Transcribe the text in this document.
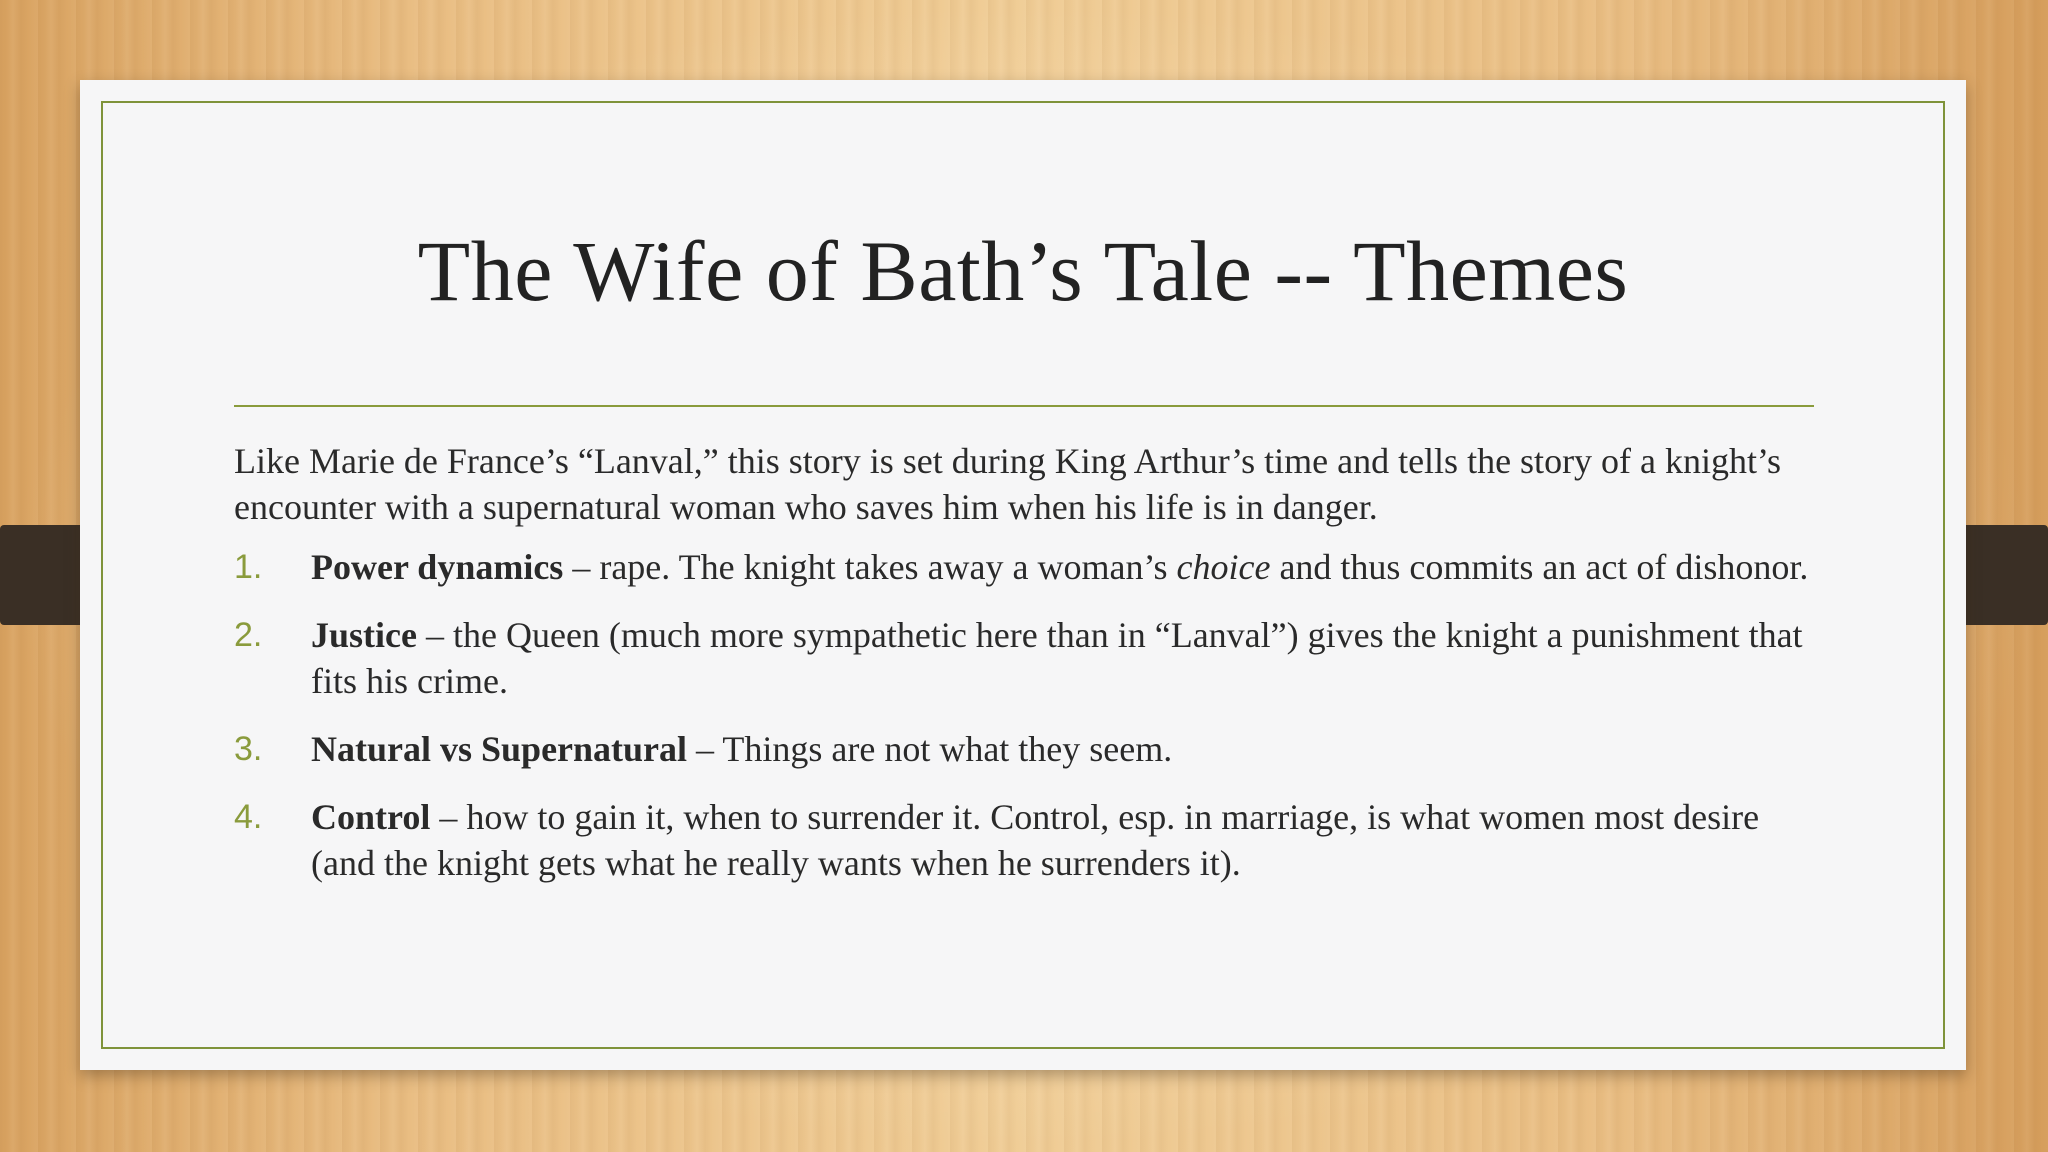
The Wife of Bath’s Tale -- Themes

Like Marie de France’s “Lanval,” this story is set during King Arthur’s time and tells the story of a knight’s encounter with a supernatural woman who saves him when his life is in danger.

1. Power dynamics – rape. The knight takes away a woman’s choice and thus commits an act of dishonor.
2. Justice – the Queen (much more sympathetic here than in “Lanval”) gives the knight a punishment that fits his crime.
3. Natural vs Supernatural – Things are not what they seem.
4. Control – how to gain it, when to surrender it. Control, esp. in marriage, is what women most desire (and the knight gets what he really wants when he surrenders it).
